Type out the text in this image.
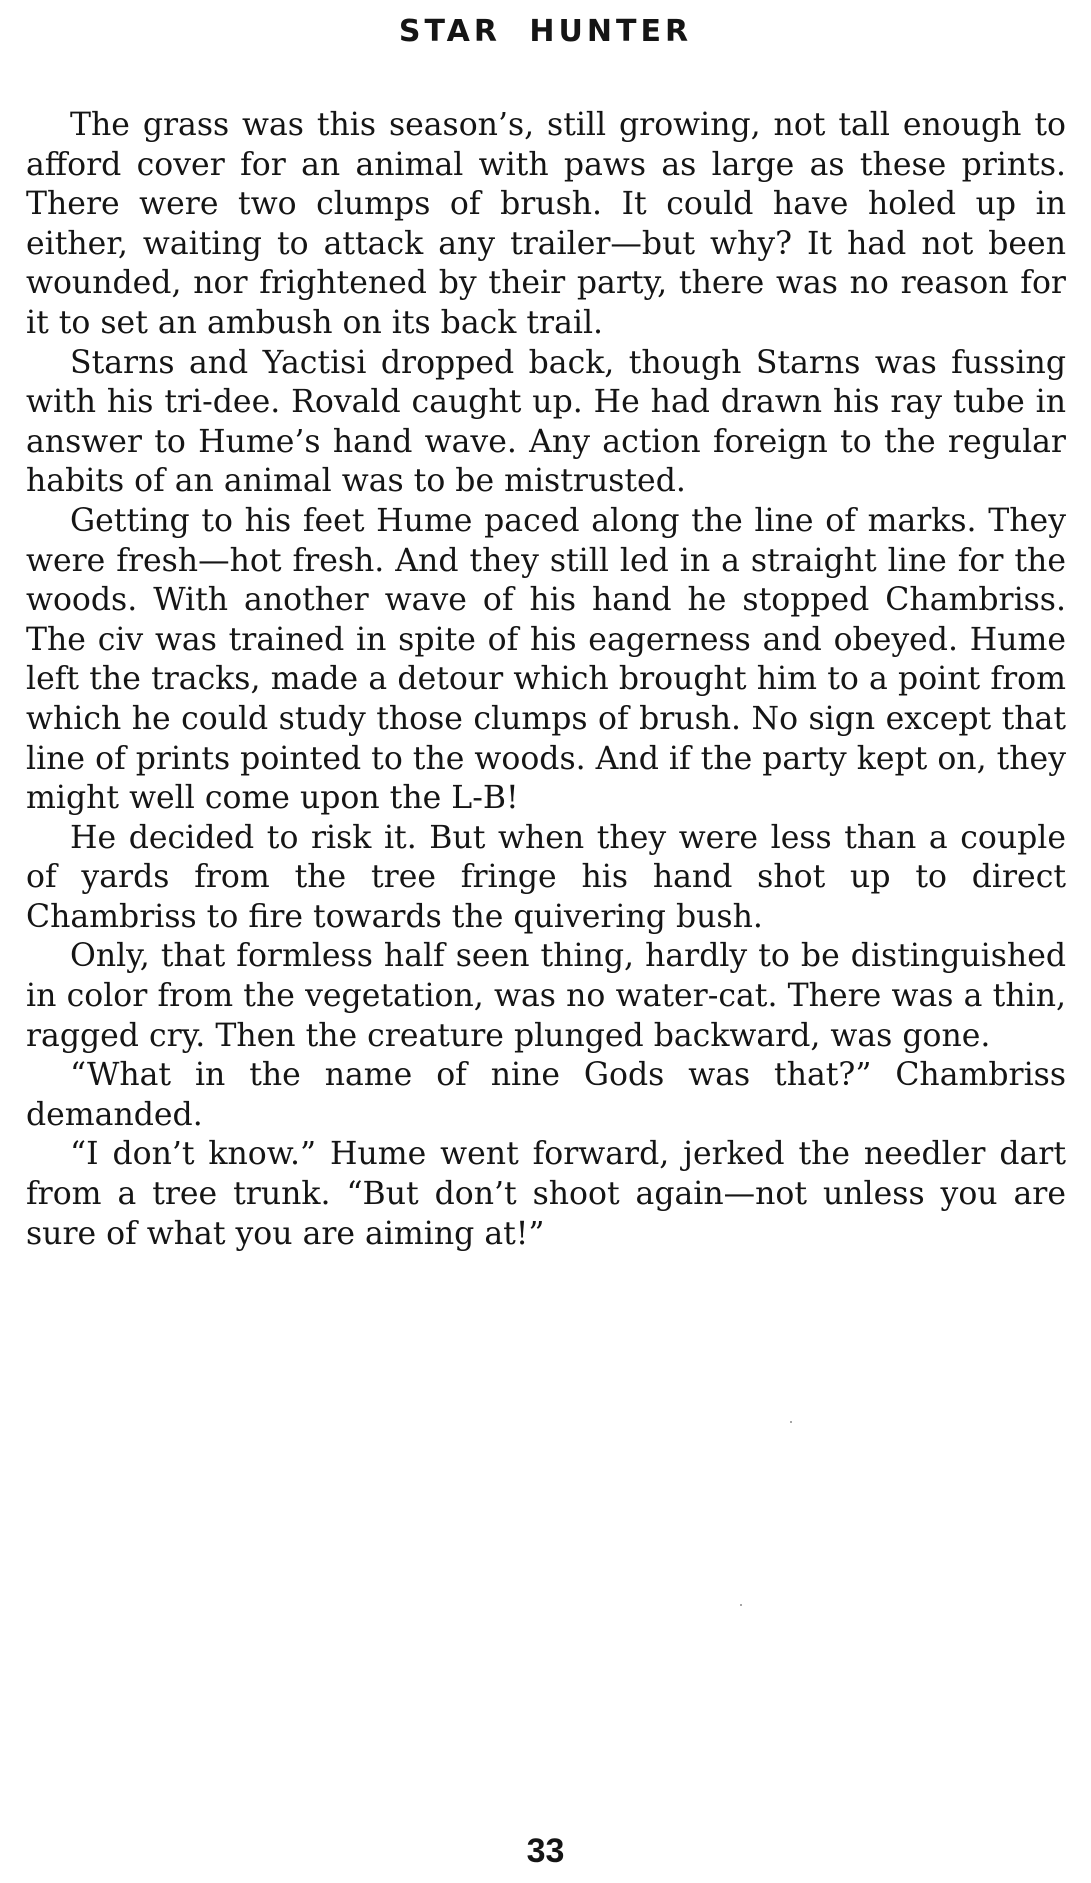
STAR HUNTER

The grass was this season’s, still growing, not tall enough to afford cover for an animal with paws as large as these prints. There were two clumps of brush. It could have holed up in either, waiting to attack any trailer—but why? It had not been wounded, nor frightened by their party, there was no reason for it to set an ambush on its back trail.

Starns and Yactisi dropped back, though Starns was fussing with his tri-dee. Rovald caught up. He had drawn his ray tube in answer to Hume’s hand wave. Any action foreign to the regular habits of an animal was to be mistrusted.

Getting to his feet Hume paced along the line of marks. They were fresh—hot fresh. And they still led in a straight line for the woods. With another wave of his hand he stopped Chambriss. The civ was trained in spite of his eagerness and obeyed. Hume left the tracks, made a detour which brought him to a point from which he could study those clumps of brush. No sign except that line of prints pointed to the woods. And if the party kept on, they might well come upon the L-B!

He decided to risk it. But when they were less than a couple of yards from the tree fringe his hand shot up to direct Chambriss to fire towards the quivering bush.

Only, that formless half seen thing, hardly to be distinguished in color from the vegetation, was no water-cat. There was a thin, ragged cry. Then the creature plunged backward, was gone.

“What in the name of nine Gods was that?” Chambriss demanded.

“I don’t know.” Hume went forward, jerked the needler dart from a tree trunk. “But don’t shoot again—not unless you are sure of what you are aiming at!”

33
